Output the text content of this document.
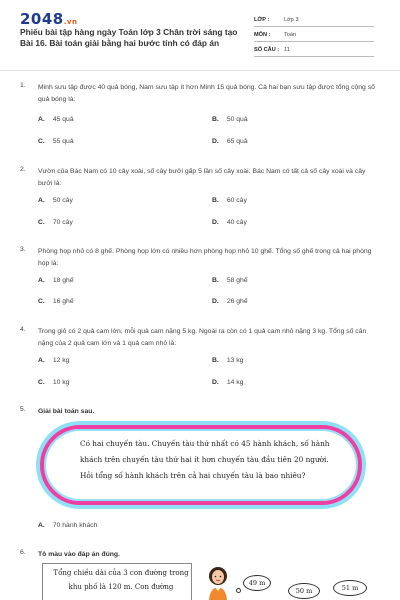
2048.vn
Phiếu bài tập hàng ngày Toán lớp 3 Chân trời sáng tạo Bài 16. Bài toán giải bằng hai bước tính có đáp án
LỚP :	Lớp 3
MÔN : Toán
SỐ CÂU : 11
1. Minh sưu tập được 40 quả bóng, Nam sưu tập ít hơn Minh 15 quả bóng. Cả hai bạn sưu tập được tổng cộng số quả bóng là:
A. 45 quả	B. 50 quả
C. 55 quả	D. 65 quả
2. Vườn của Bác Nam có 10 cây xoài, số cây bưởi gấp 5 lần số cây xoài. Bác Nam có tất cả số cây xoài và cây bưởi là:
A. 50 cây	B. 60 cây
C. 70 cây	D. 40 cây
3. Phòng họp nhỏ có 8 ghế. Phòng họp lớn có nhiều hơn phòng họp nhỏ 10 ghế. Tổng số ghế trong cả hai phòng họp là:
A. 18 ghế	B. 58 ghế
C. 16 ghế	D. 26 ghế
4. Trong giỏ có 2 quả cam lớn, mỗi quả cam nặng 5 kg. Ngoài ra còn có 1 quả cam nhỏ nặng 3 kg. Tổng số cân nặng của 2 quả cam lớn và 1 quả cam nhỏ là:
A. 12 kg	B. 13 kg
C. 10 kg	D. 14 kg
5. Giải bài toán sau.
Có hai chuyến tàu. Chuyến tàu thứ nhất có 45 hành khách, số hành khách trên chuyến tàu thứ hai ít hơn chuyến tàu đầu tiên 20 người. Hỏi tổng số hành khách trên cả hai chuyến tàu là bao nhiêu?
A. 70 hành khách
6. Tô màu vào đáp án đúng.
Tổng chiều dài của 3 con đường trong khu phố là 120 m. Con đường	49 m
50 m	51 m
